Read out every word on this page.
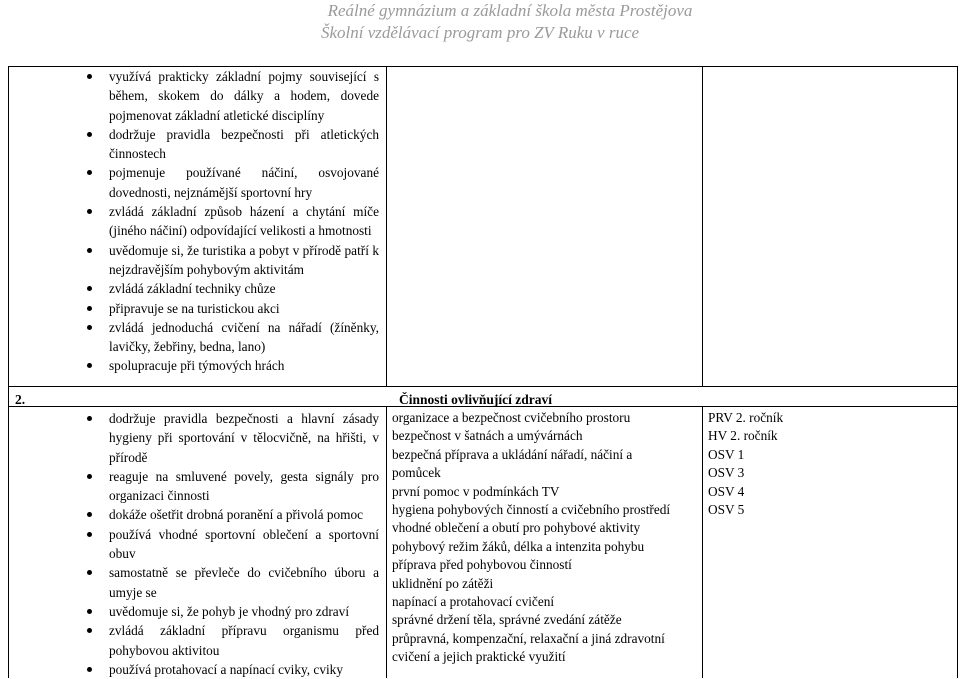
Reálné gymnázium a základní škola města Prostějova
Školní vzdělávací program pro ZV Ruku v ruce
využívá prakticky základní pojmy související s během, skokem do dálky a hodem, dovede pojmenovat základní atletické disciplíny
dodržuje pravidla bezpečnosti při atletických činnostech
pojmenuje používané náčiní, osvojované dovednosti, nejznámější sportovní hry
zvládá základní způsob házení a chytání míče (jiného náčiní) odpovídající velikosti a hmotnosti
uvědomuje si, že turistika a pobyt v přírodě patří k nejzdravějším pohybovým aktivitám
zvládá základní techniky chůze
připravuje se na turistickou akci
zvládá jednoduchá cvičení na nářadí (žíněnky, lavičky, žebřiny, bedna, lano)
spolupracuje při týmových hrách
2.	Činnosti ovlivňující zdraví
dodržuje pravidla bezpečnosti a hlavní zásady hygieny při sportování v tělocvičně, na hřišti, v přírodě
reaguje na smluvené povely, gesta signály pro organizaci činnosti
dokáže ošetřit drobná poranění a přivolá pomoc
používá vhodné sportovní oblečení a sportovní obuv
samostatně se převleče do cvičebního úboru a umyje se
uvědomuje si, že pohyb je vhodný pro zdraví
zvládá základní přípravu organismu před pohybovou aktivitou
používá protahovací a napínací cviky, cviky
organizace a bezpečnost cvičebního prostoru
bezpečnost v šatnách a umývárnách
bezpečná příprava a ukládání nářadí, náčiní a
pomůcek
první pomoc v podmínkách TV
hygiena pohybových činností a cvičebního prostředí
vhodné oblečení a obutí pro pohybové aktivity
pohybový režim žáků, délka a intenzita pohybu
příprava před pohybovou činností
uklidnění po zátěži
napínací a protahovací cvičení
správné držení těla, správné zvedání zátěže
průpravná, kompenzační, relaxační a jiná zdravotní
cvičení a jejich praktické využití
PRV 2. ročník
HV 2. ročník
OSV 1
OSV 3
OSV 4
OSV 5
